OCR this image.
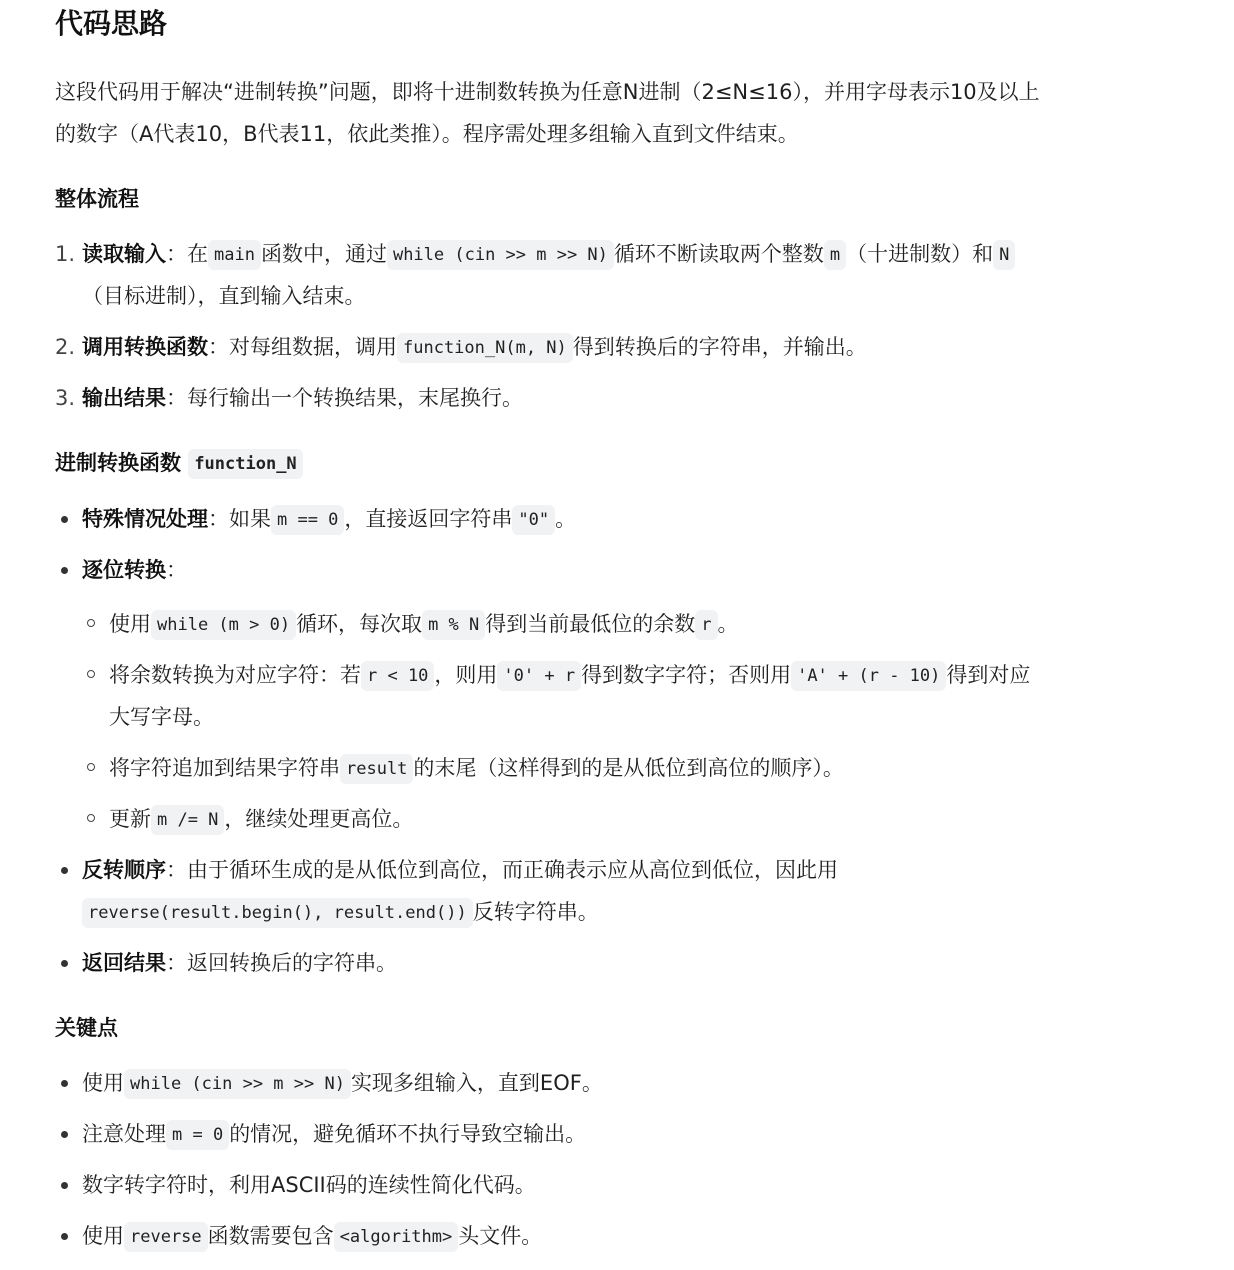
代码思路
这段代码用于解决“进制转换”问题，即将十进制数转换为任意N进制（2≤N≤16），并用字母表示10及以上
的数字（A代表10，B代表11，依此类推）。程序需处理多组输入直到文件结束。
整体流程
1. 读取输入：在 main 函数中，通过 while (cin >> m >> N) 循环不断读取两个整数 m （十进制数）和 N
（目标进制），直到输入结束。
2. 调用转换函数：对每组数据，调用 function_N(m, N) 得到转换后的字符串，并输出。
3. 输出结果：每行输出一个转换结果，末尾换行。
进制转换函数 function_N
特殊情况处理：如果 m == 0 ，直接返回字符串 "0" 。
逐位转换：
使用 while (m > 0) 循环，每次取 m % N 得到当前最低位的余数 r 。
将余数转换为对应字符：若 r < 10 ，则用 '0' + r 得到数字字符；否则用 'A' + (r - 10) 得到对应
大写字母。
将字符追加到结果字符串 result 的末尾（这样得到的是从低位到高位的顺序）。
更新 m /= N ，继续处理更高位。
反转顺序：由于循环生成的是从低位到高位，而正确表示应从高位到低位，因此用
reverse(result.begin(), result.end()) 反转字符串。
返回结果：返回转换后的字符串。
关键点
使用 while (cin >> m >> N) 实现多组输入，直到EOF。
注意处理 m = 0 的情况，避免循环不执行导致空输出。
数字转字符时，利用ASCII码的连续性简化代码。
使用 reverse 函数需要包含 <algorithm> 头文件。
